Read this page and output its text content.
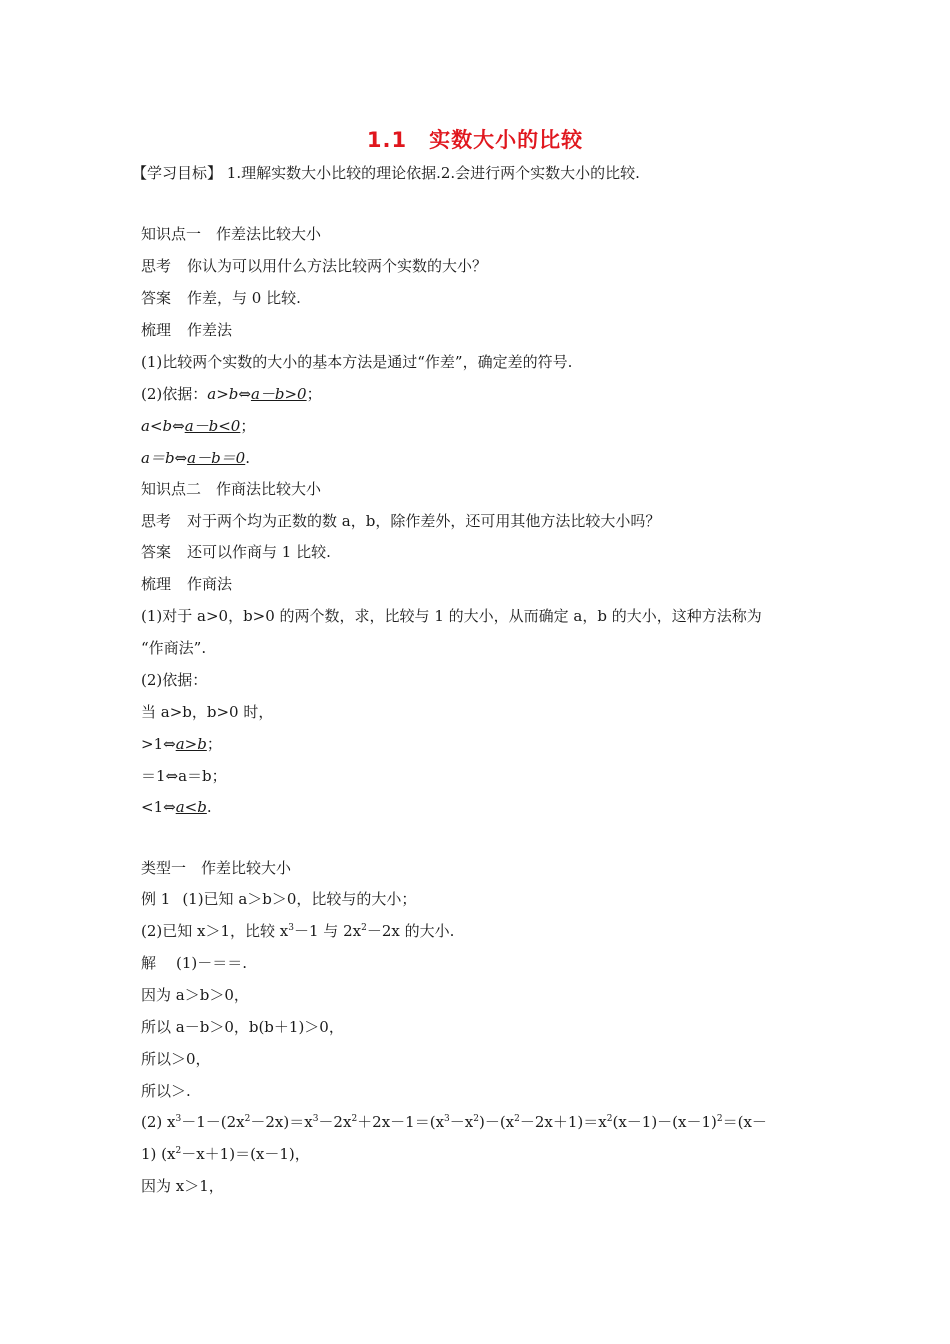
1.1　实数大小的比较
【学习目标】 1.理解实数大小比较的理论依据.2.会进行两个实数大小的比较.
知识点一　作差法比较大小
思考 你认为可以用什么方法比较两个实数的大小？
答案 作差，与 0 比较.
梳理 作差法
(1)比较两个实数的大小的基本方法是通过“作差”，确定差的符号.
(2)依据：a>b⇔a－b>0；
a<b⇔a－b<0；
a＝b⇔a－b＝0.
知识点二　作商法比较大小
思考 对于两个均为正数的数 a，b，除作差外，还可用其他方法比较大小吗？
答案 还可以作商与 1 比较.
梳理 作商法
(1)对于 a>0，b>0 的两个数，求，比较与 1 的大小，从而确定 a，b 的大小，这种方法称为
“作商法”.
(2)依据：
当 a>b，b>0 时，
>1⇔a>b；
＝1⇔a＝b；
<1⇔a<b.
类型一　作差比较大小
例 1 (1)已知 a＞b＞0，比较与的大小；
(2)已知 x＞1，比较 $x^3-1$ 与 $2x^2-2x$ 的大小.
解 (1)－＝＝.
因为 a＞b＞0，
所以 a－b＞0，b(b＋1)＞0，
所以＞0，
所以＞.
(2) $x^3-1-(2x^2-2x)=x^3-2x^2+2x-1=(x^3-x^2)-(x^2-2x+1)=x^2(x-1)-(x-1)^2=(x-$
1) $(x^2-x+1)=(x-1)$，
因为 x＞1，
